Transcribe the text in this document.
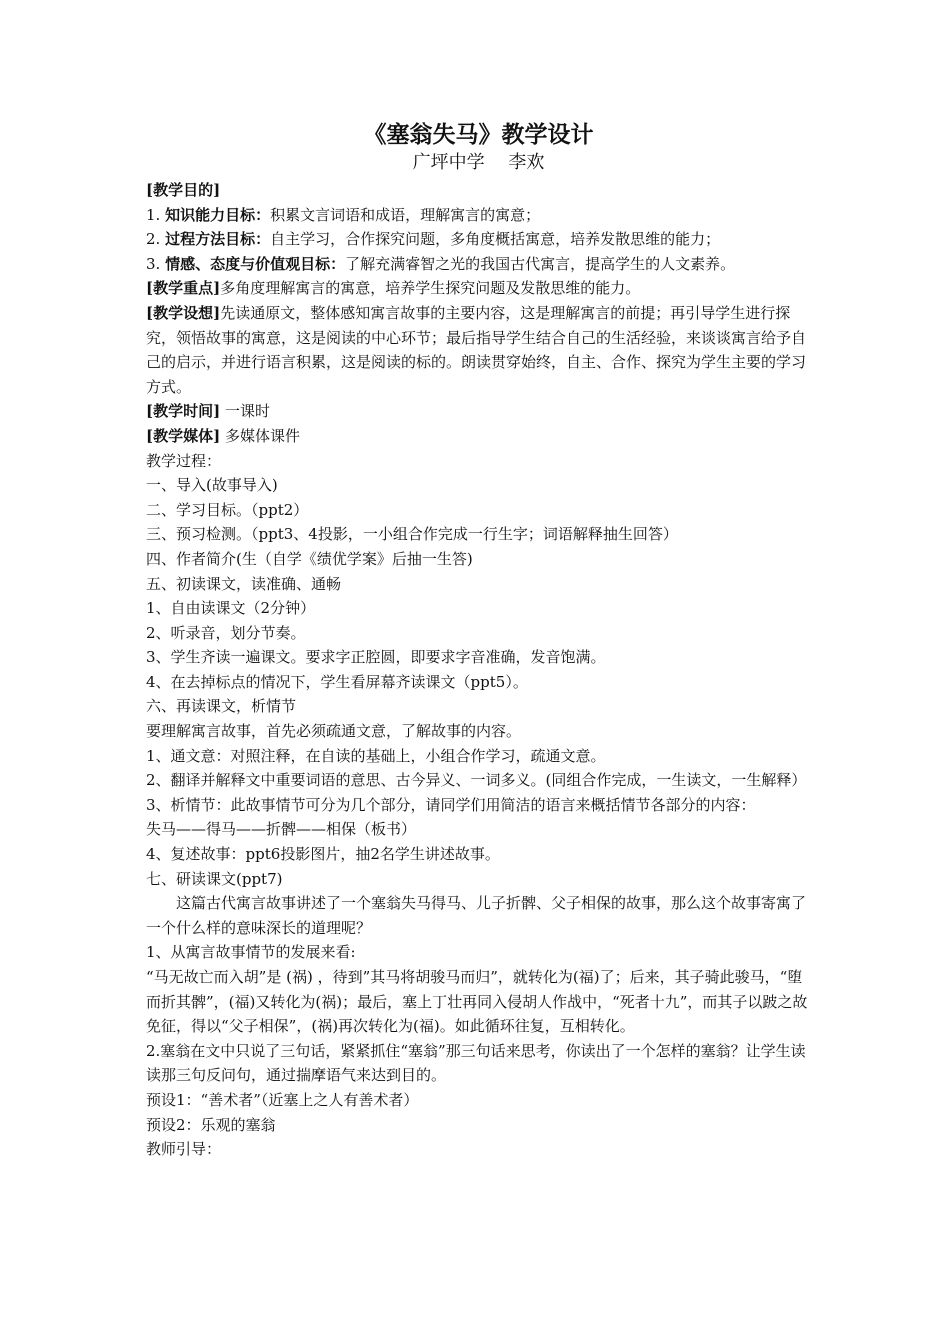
《塞翁失马》教学设计

广坪中学　 李欢

[教学目的]

1. 知识能力目标：积累文言词语和成语，理解寓言的寓意；

2. 过程方法目标：自主学习，合作探究问题，多角度概括寓意，培养发散思维的能力；

3. 情感、态度与价值观目标：了解充满睿智之光的我国古代寓言，提高学生的人文素养。

[教学重点]多角度理解寓言的寓意，培养学生探究问题及发散思维的能力。

[教学设想]先读通原文，整体感知寓言故事的主要内容，这是理解寓言的前提；再引导学生进行探究，领悟故事的寓意，这是阅读的中心环节；最后指导学生结合自己的生活经验，来谈谈寓言给予自己的启示，并进行语言积累，这是阅读的标的。朗读贯穿始终，自主、合作、探究为学生主要的学习方式。

[教学时间] 一课时

[教学媒体] 多媒体课件

教学过程：

一、导入(故事导入)

二、学习目标。（ppt2）

三、预习检测。（ppt3、4投影，一小组合作完成一行生字；词语解释抽生回答）

四、作者简介(生（自学《绩优学案》后抽一生答)

五、初读课文，读准确、通畅

1、自由读课文（2分钟）

2、听录音，划分节奏。

3、学生齐读一遍课文。要求字正腔圆，即要求字音准确，发音饱满。

4、在去掉标点的情况下，学生看屏幕齐读课文（ppt5）。

六、再读课文，析情节

要理解寓言故事，首先必须疏通文意，了解故事的内容。

1、通文意：对照注释，在自读的基础上，小组合作学习，疏通文意。

2、翻译并解释文中重要词语的意思、古今异义、一词多义。(同组合作完成，一生读文，一生解释）

3、析情节：此故事情节可分为几个部分，请同学们用简洁的语言来概括情节各部分的内容：

失马——得马——折髀——相保（板书）

4、复述故事：ppt6投影图片，抽2名学生讲述故事。

七、研读课文(ppt7)

这篇古代寓言故事讲述了一个塞翁失马得马、儿子折髀、父子相保的故事，那么这个故事寄寓了一个什么样的意味深长的道理呢？

1、从寓言故事情节的发展来看:

“马无故亡而入胡”是 (祸) ，待到”其马将胡骏马而归”，就转化为(福)了；后来，其子骑此骏马，“堕而折其髀”，(福)又转化为(祸)；最后，塞上丁壮再同入侵胡人作战中，“死者十九”，而其子以跛之故免征，得以“父子相保”，(祸)再次转化为(福)。如此循环往复，互相转化。

2.塞翁在文中只说了三句话，紧紧抓住“塞翁”那三句话来思考，你读出了一个怎样的塞翁？让学生读读那三句反问句，通过揣摩语气来达到目的。

预设1：“善术者”（近塞上之人有善术者）

预设2：乐观的塞翁

教师引导：
